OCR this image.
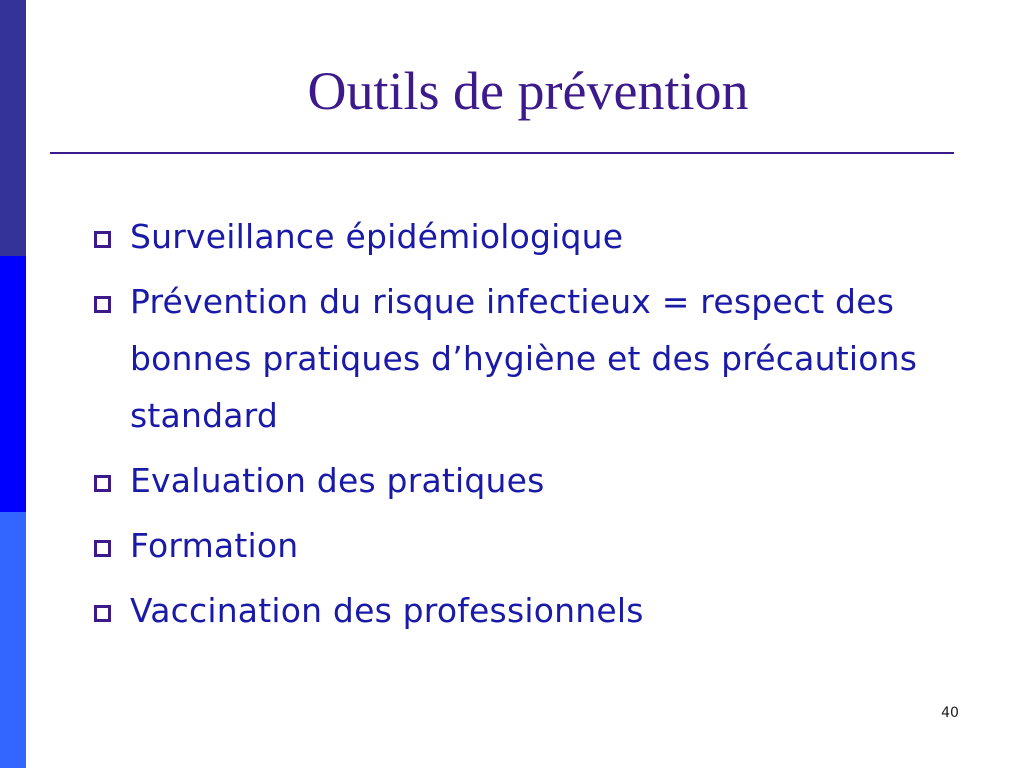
Outils de prévention
Surveillance épidémiologique
Prévention du risque infectieux = respect des bonnes pratiques d’hygiène et des précautions standard
Evaluation des pratiques
Formation
Vaccination des professionnels
40
